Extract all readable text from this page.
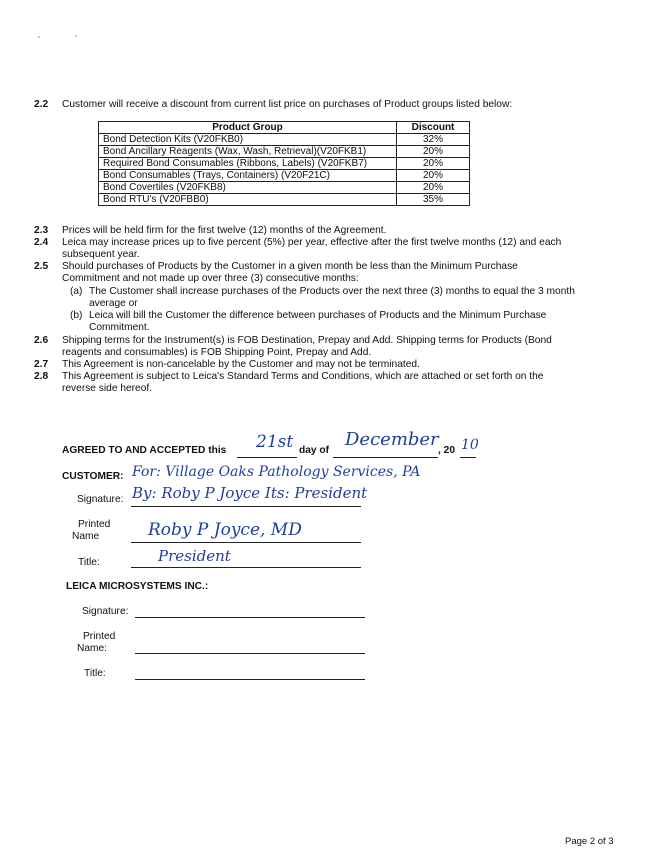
2.2 Customer will receive a discount from current list price on purchases of Product groups listed below:
Product Group	Discount
Bond Detection Kits (V20FKB0)	32%
Bond Ancillary Reagents (Wax, Wash, Retrieval)(V20FKB1)	20%
Required Bond Consumables (Ribbons, Labels) (V20FKB7)	20%
Bond Consumables (Trays, Containers) (V20F21C)	20%
Bond Covertiles (V20FKB8)	20%
Bond RTU's (V20FBB0)	35%
2.3 Prices will be held firm for the first twelve (12) months of the Agreement.
2.4 Leica may increase prices up to five percent (5%) per year, effective after the first twelve months (12) and each
subsequent year.
2.5 Should purchases of Products by the Customer in a given month be less than the Minimum Purchase
Commitment and not made up over three (3) consecutive months:
(a) The Customer shall increase purchases of the Products over the next three (3) months to equal the 3 month
average or
(b) Leica will bill the Customer the difference between purchases of Products and the Minimum Purchase
Commitment.
2.6 Shipping terms for the Instrument(s) is FOB Destination, Prepay and Add. Shipping terms for Products (Bond
reagents and consumables) is FOB Shipping Point, Prepay and Add.
2.7 This Agreement is non-cancelable by the Customer and may not be terminated.
2.8 This Agreement is subject to Leica's Standard Terms and Conditions, which are attached or set forth on the
reverse side hereof.
AGREED TO AND ACCEPTED this 21st day of
December
, 20 10
CUSTOMER: For: Village Oaks Pathology Services, PA
Signature: By: Roby P Joyce Its: President
Printed
Name	Roby P Joyce, MD
Title:	President
LEICA MICROSYSTEMS INC.:
Signature:
Printed
Name:
Title:
Page 2 of 3
